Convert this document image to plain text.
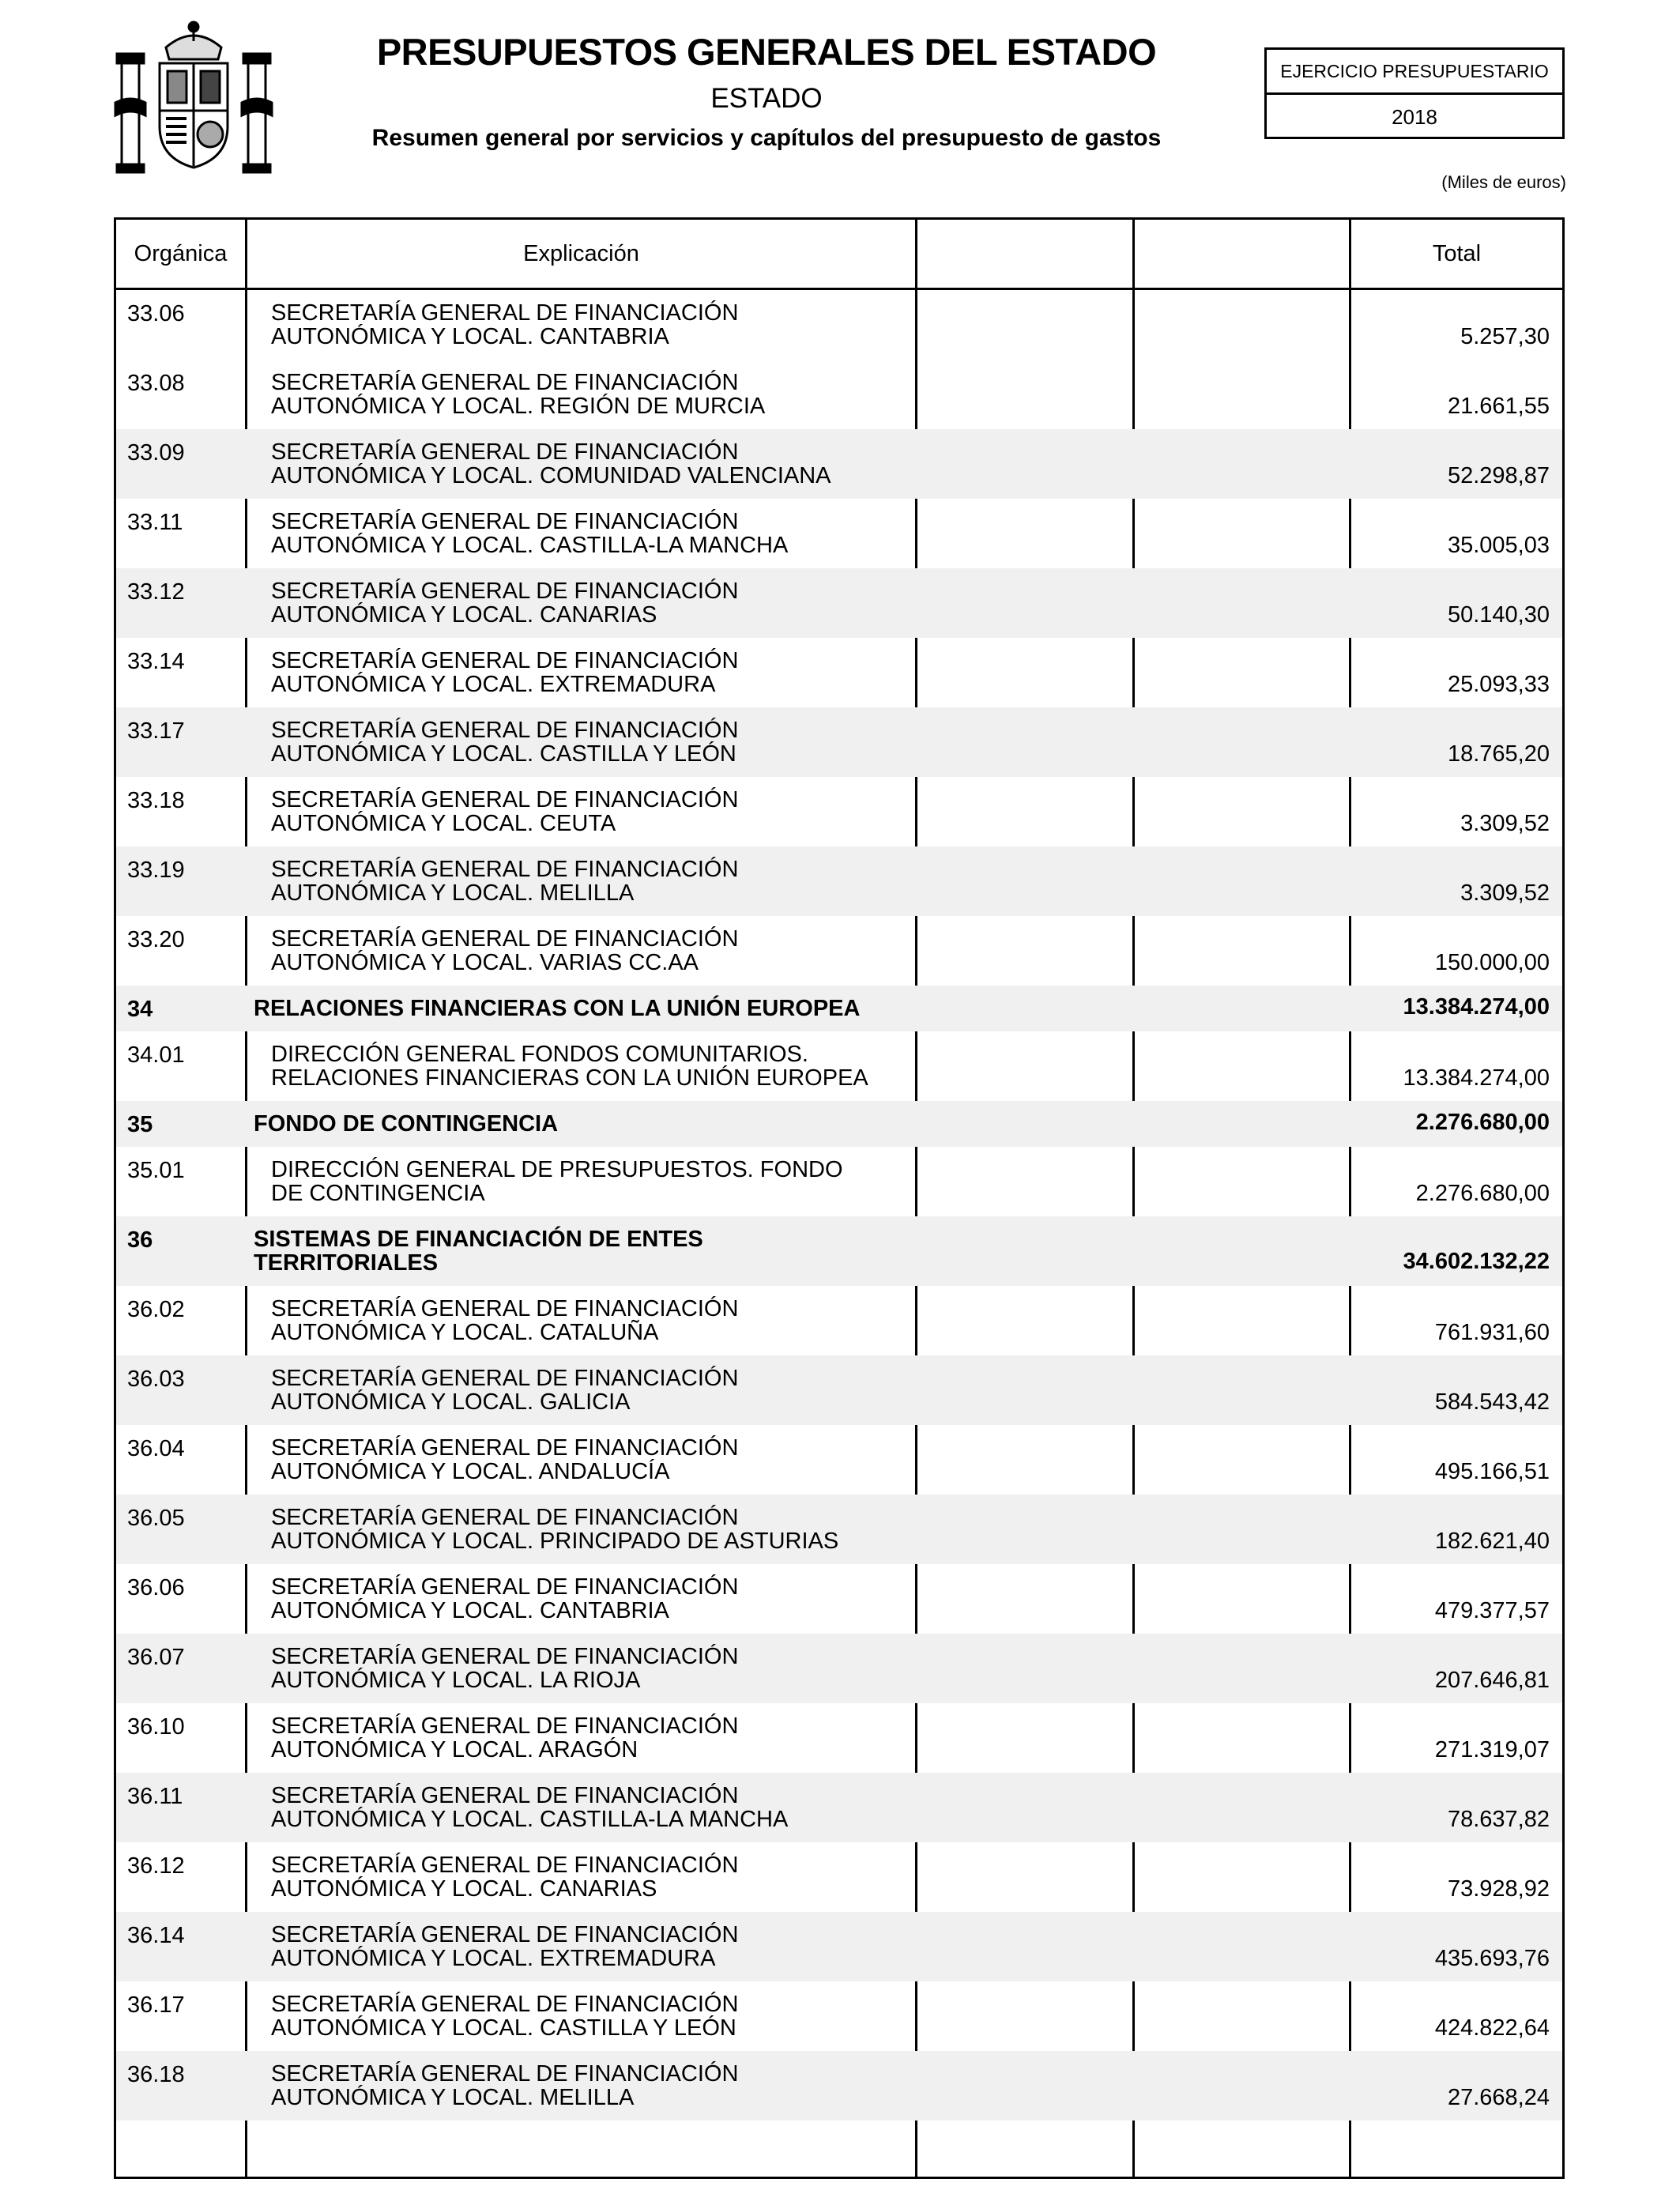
PRESUPUESTOS GENERALES DEL ESTADO
ESTADO
Resumen general por servicios y capítulos del presupuesto de gastos
EJERCICIO PRESUPUESTARIO
2018
(Miles de euros)
Orgánica	Explicación	Total
33.06	SECRETARÍA GENERAL DE FINANCIACIÓN
AUTONÓMICA Y LOCAL. CANTABRIA	5.257,30
33.08	SECRETARÍA GENERAL DE FINANCIACIÓN
AUTONÓMICA Y LOCAL. REGIÓN DE MURCIA	21.661,55
33.09	SECRETARÍA GENERAL DE FINANCIACIÓN
AUTONÓMICA Y LOCAL. COMUNIDAD VALENCIANA	52.298,87
33.11	SECRETARÍA GENERAL DE FINANCIACIÓN
AUTONÓMICA Y LOCAL. CASTILLA-LA MANCHA	35.005,03
33.12	SECRETARÍA GENERAL DE FINANCIACIÓN
AUTONÓMICA Y LOCAL. CANARIAS	50.140,30
33.14	SECRETARÍA GENERAL DE FINANCIACIÓN
AUTONÓMICA Y LOCAL. EXTREMADURA	25.093,33
33.17	SECRETARÍA GENERAL DE FINANCIACIÓN
AUTONÓMICA Y LOCAL. CASTILLA Y LEÓN	18.765,20
33.18	SECRETARÍA GENERAL DE FINANCIACIÓN
AUTONÓMICA Y LOCAL. CEUTA	3.309,52
33.19	SECRETARÍA GENERAL DE FINANCIACIÓN
AUTONÓMICA Y LOCAL. MELILLA	3.309,52
33.20	SECRETARÍA GENERAL DE FINANCIACIÓN
AUTONÓMICA Y LOCAL. VARIAS CC.AA	150.000,00
34	RELACIONES FINANCIERAS CON LA UNIÓN EUROPEA	13.384.274,00
34.01	DIRECCIÓN GENERAL FONDOS COMUNITARIOS.
RELACIONES FINANCIERAS CON LA UNIÓN EUROPEA	13.384.274,00
35	FONDO DE CONTINGENCIA	2.276.680,00
35.01	DIRECCIÓN GENERAL DE PRESUPUESTOS. FONDO
DE CONTINGENCIA	2.276.680,00
36	SISTEMAS DE FINANCIACIÓN DE ENTES
TERRITORIALES	34.602.132,22
36.02	SECRETARÍA GENERAL DE FINANCIACIÓN
AUTONÓMICA Y LOCAL. CATALUÑA	761.931,60
36.03	SECRETARÍA GENERAL DE FINANCIACIÓN
AUTONÓMICA Y LOCAL. GALICIA	584.543,42
36.04	SECRETARÍA GENERAL DE FINANCIACIÓN
AUTONÓMICA Y LOCAL. ANDALUCÍA	495.166,51
36.05	SECRETARÍA GENERAL DE FINANCIACIÓN
AUTONÓMICA Y LOCAL. PRINCIPADO DE ASTURIAS	182.621,40
36.06	SECRETARÍA GENERAL DE FINANCIACIÓN
AUTONÓMICA Y LOCAL. CANTABRIA	479.377,57
36.07	SECRETARÍA GENERAL DE FINANCIACIÓN
AUTONÓMICA Y LOCAL. LA RIOJA	207.646,81
36.10	SECRETARÍA GENERAL DE FINANCIACIÓN
AUTONÓMICA Y LOCAL. ARAGÓN	271.319,07
36.11	SECRETARÍA GENERAL DE FINANCIACIÓN
AUTONÓMICA Y LOCAL. CASTILLA-LA MANCHA	78.637,82
36.12	SECRETARÍA GENERAL DE FINANCIACIÓN
AUTONÓMICA Y LOCAL. CANARIAS	73.928,92
36.14	SECRETARÍA GENERAL DE FINANCIACIÓN
AUTONÓMICA Y LOCAL. EXTREMADURA	435.693,76
36.17	SECRETARÍA GENERAL DE FINANCIACIÓN
AUTONÓMICA Y LOCAL. CASTILLA Y LEÓN	424.822,64
36.18	SECRETARÍA GENERAL DE FINANCIACIÓN
AUTONÓMICA Y LOCAL. MELILLA	27.668,24
